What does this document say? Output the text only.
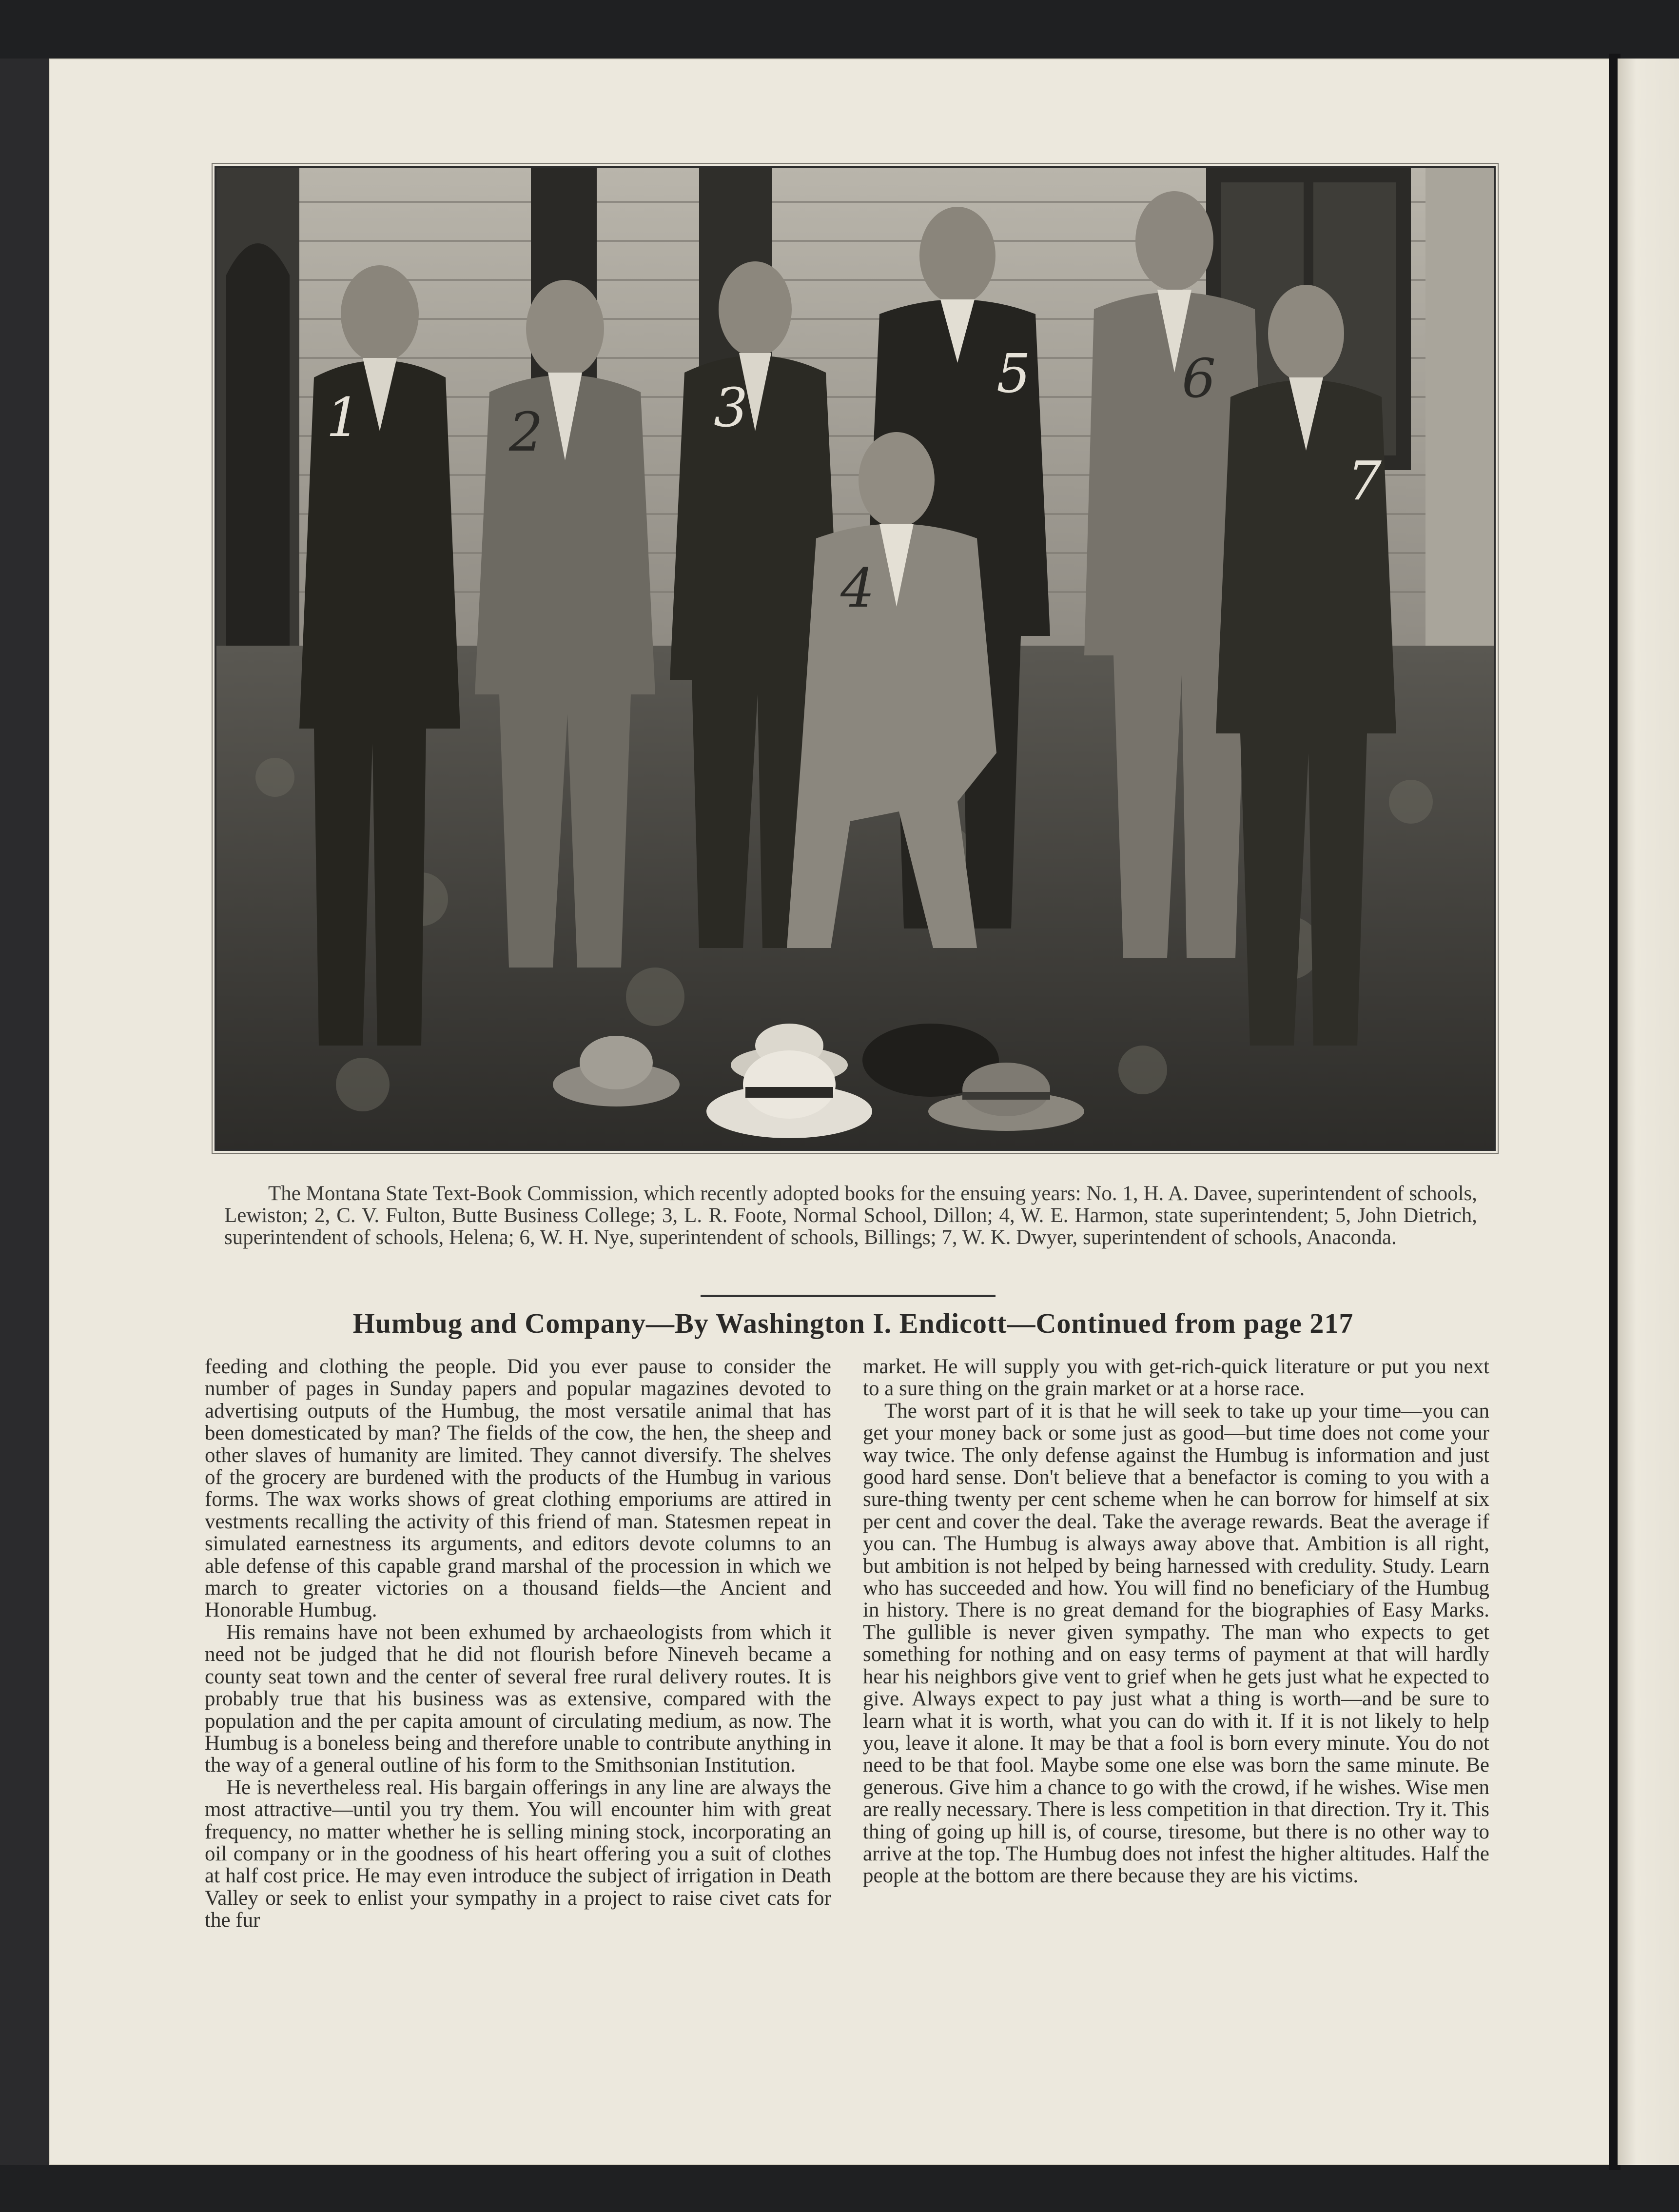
1	2	3
4
5	6
7

The Montana State Text-Book Commission, which recently adopted books for the ensuing years: No. 1, H. A. Davee, superintendent of schools, Lewiston; 2, C. V. Fulton, Butte Business College; 3, L. R. Foote, Normal School, Dillon; 4, W. E. Harmon, state superintendent; 5, John Dietrich, superintendent of schools, Helena; 6, W. H. Nye, superintendent of schools, Billings; 7, W. K. Dwyer, superintendent of schools, Anaconda.

Humbug and Company—By Washington I. Endicott—Continued from page 217

feeding and clothing the people. Did you ever pause to consider the number of pages in Sunday papers and popular magazines devoted to advertising outputs of the Humbug, the most versatile animal that has been domesticated by man? The fields of the cow, the hen, the sheep and other slaves of humanity are limited. They cannot diversify. The shelves of the grocery are burdened with the products of the Humbug in various forms. The wax works shows of great clothing emporiums are attired in vestments recalling the activity of this friend of man. Statesmen repeat in simulated earnestness its arguments, and editors devote columns to an able defense of this capable grand marshal of the procession in which we march to greater victories on a thousand fields—the Ancient and Honorable Humbug.

His remains have not been exhumed by archaeologists from which it need not be judged that he did not flourish before Nineveh became a county seat town and the center of several free rural delivery routes. It is probably true that his business was as extensive, compared with the population and the per capita amount of circulating medium, as now. The Humbug is a boneless being and therefore unable to contribute anything in the way of a general outline of his form to the Smithsonian Institution.

He is nevertheless real. His bargain offerings in any line are always the most attractive—until you try them. You will encounter him with great frequency, no matter whether he is selling mining stock, incorporating an oil company or in the goodness of his heart offering you a suit of clothes at half cost price. He may even introduce the subject of irrigation in Death Valley or seek to enlist your sympathy in a project to raise civet cats for the fur

market. He will supply you with get-rich-quick literature or put you next to a sure thing on the grain market or at a horse race.

The worst part of it is that he will seek to take up your time—you can get your money back or some just as good—but time does not come your way twice. The only defense against the Humbug is information and just good hard sense. Don't believe that a benefactor is coming to you with a sure-thing twenty per cent scheme when he can borrow for himself at six per cent and cover the deal. Take the average rewards. Beat the average if you can. The Humbug is always away above that. Ambition is all right, but ambition is not helped by being harnessed with credulity. Study. Learn who has succeeded and how. You will find no beneficiary of the Humbug in history. There is no great demand for the biographies of Easy Marks. The gullible is never given sympathy. The man who expects to get something for nothing and on easy terms of payment at that will hardly hear his neighbors give vent to grief when he gets just what he expected to give. Always expect to pay just what a thing is worth—and be sure to learn what it is worth, what you can do with it. If it is not likely to help you, leave it alone. It may be that a fool is born every minute. You do not need to be that fool. Maybe some one else was born the same minute. Be generous. Give him a chance to go with the crowd, if he wishes. Wise men are really necessary. There is less competition in that direction. Try it. This thing of going up hill is, of course, tiresome, but there is no other way to arrive at the top. The Humbug does not infest the higher altitudes. Half the people at the bottom are there because they are his victims.
